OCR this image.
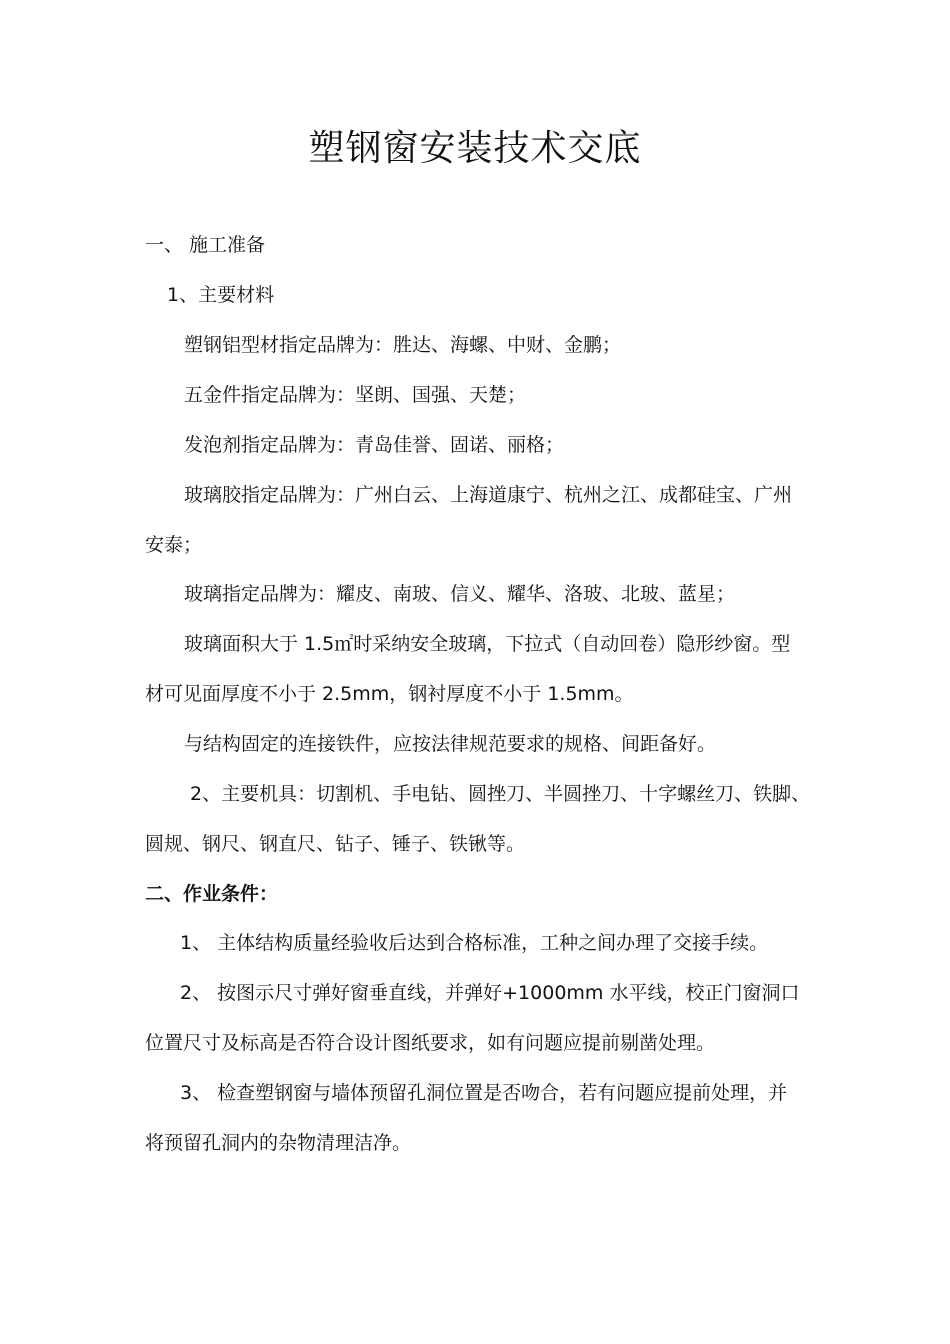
塑钢窗安装技术交底
一、 施工准备
1、主要材料
塑钢铝型材指定品牌为：胜达、海螺、中财、金鹏；
五金件指定品牌为：坚朗、国强、天楚；
发泡剂指定品牌为：青岛佳誉、固诺、丽格；
玻璃胶指定品牌为：广州白云、上海道康宁、杭州之江、成都硅宝、广州
安泰；
玻璃指定品牌为：耀皮、南玻、信义、耀华、洛玻、北玻、蓝星；
玻璃面积大于 1.5㎡时采纳安全玻璃，下拉式（自动回卷）隐形纱窗。型
材可见面厚度不小于 2.5mm，钢衬厚度不小于 1.5mm。
与结构固定的连接铁件，应按法律规范要求的规格、间距备好。
2、主要机具：切割机、手电钻、圆挫刀、半圆挫刀、十字螺丝刀、铁脚、
圆规、钢尺、钢直尺、钻子、锤子、铁锹等。
二、作业条件：
1、 主体结构质量经验收后达到合格标准，工种之间办理了交接手续。
2、 按图示尺寸弹好窗垂直线，并弹好+1000mm 水平线，校正门窗洞口
位置尺寸及标高是否符合设计图纸要求，如有问题应提前剔凿处理。
3、 检查塑钢窗与墙体预留孔洞位置是否吻合，若有问题应提前处理，并
将预留孔洞内的杂物清理洁净。
